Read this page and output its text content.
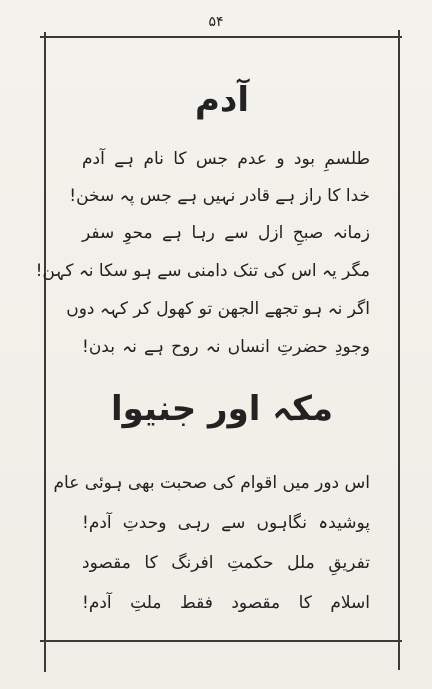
۵۴
آدم
طلسمِ بود و عدم جس کا نام ہے آدم
خدا کا راز ہے قادر نہیں ہے جس پہ سخن!
زمانہ صبحِ ازل سے رہا ہے محوِ سفر
مگر یہ اس کی تنک دامنی سے ہو سکا نہ کہن!
اگر نہ ہو تجھے الجھن تو کھول کر کہہ دوں
وجودِ حضرتِ انساں نہ روح ہے نہ بدن!
مکہ اور جنیوا
اس دور میں اقوام کی صحبت بھی ہوئی عام
پوشیدہ نگاہوں سے رہی وحدتِ آدم!
تفریقِ ملل حکمتِ افرنگ کا مقصود
اسلام کا مقصود فقط ملتِ آدم!
